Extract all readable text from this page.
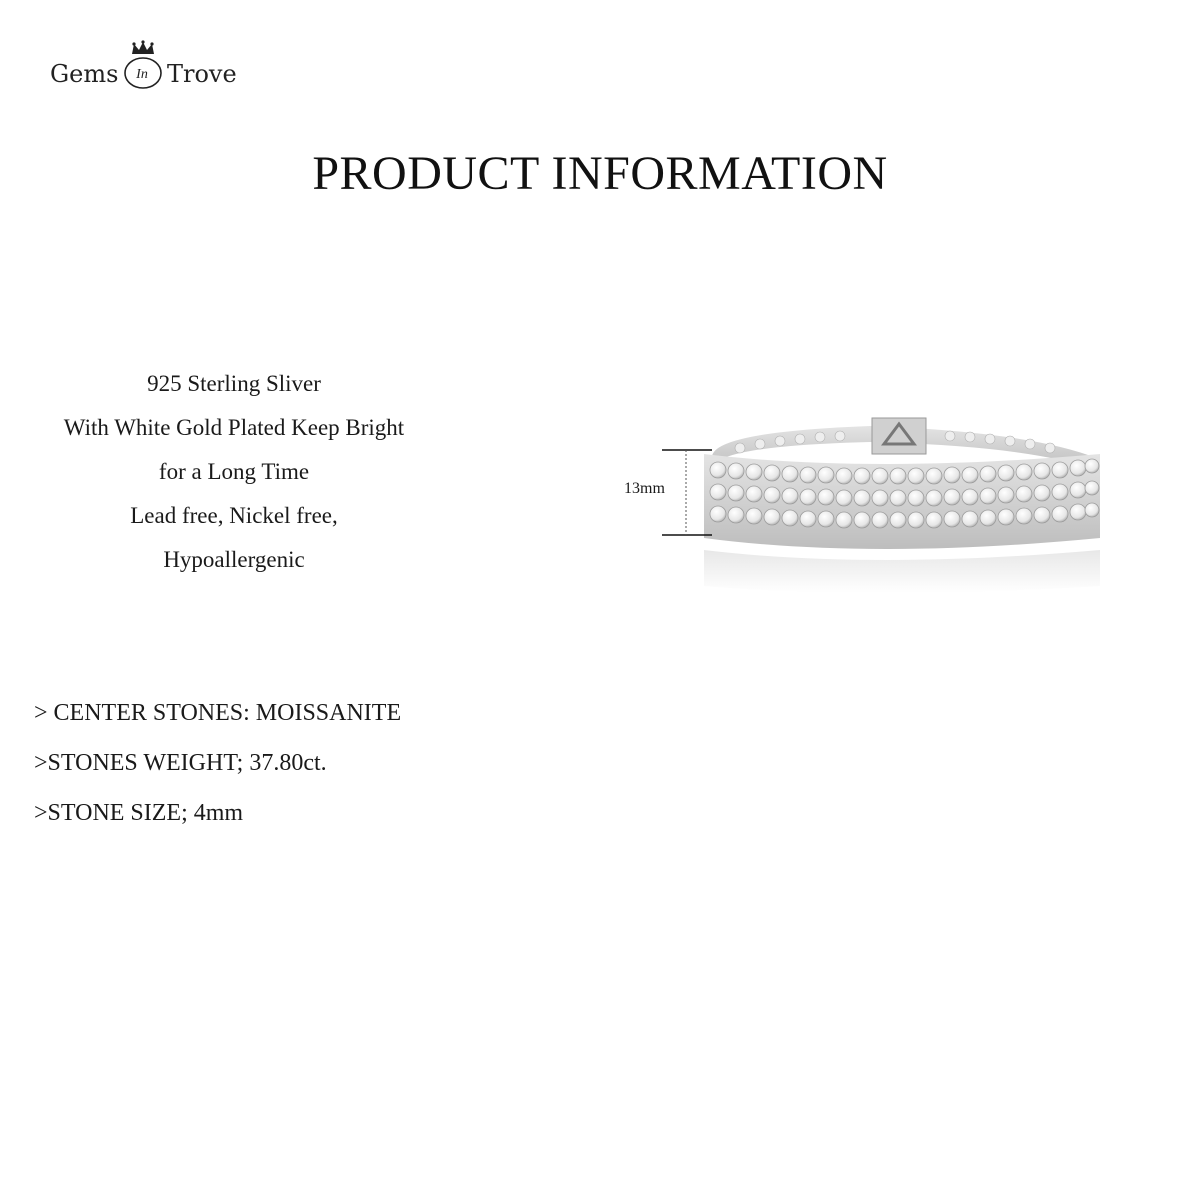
Gems	In Trove
PRODUCT INFORMATION
925 Sterling Sliver
With White Gold Plated Keep Bright
for a Long Time
Lead free, Nickel free,
Hypoallergenic
> CENTER STONES: MOISSANITE
>STONES WEIGHT; 37.80ct.
>STONE SIZE; 4mm
13mm
